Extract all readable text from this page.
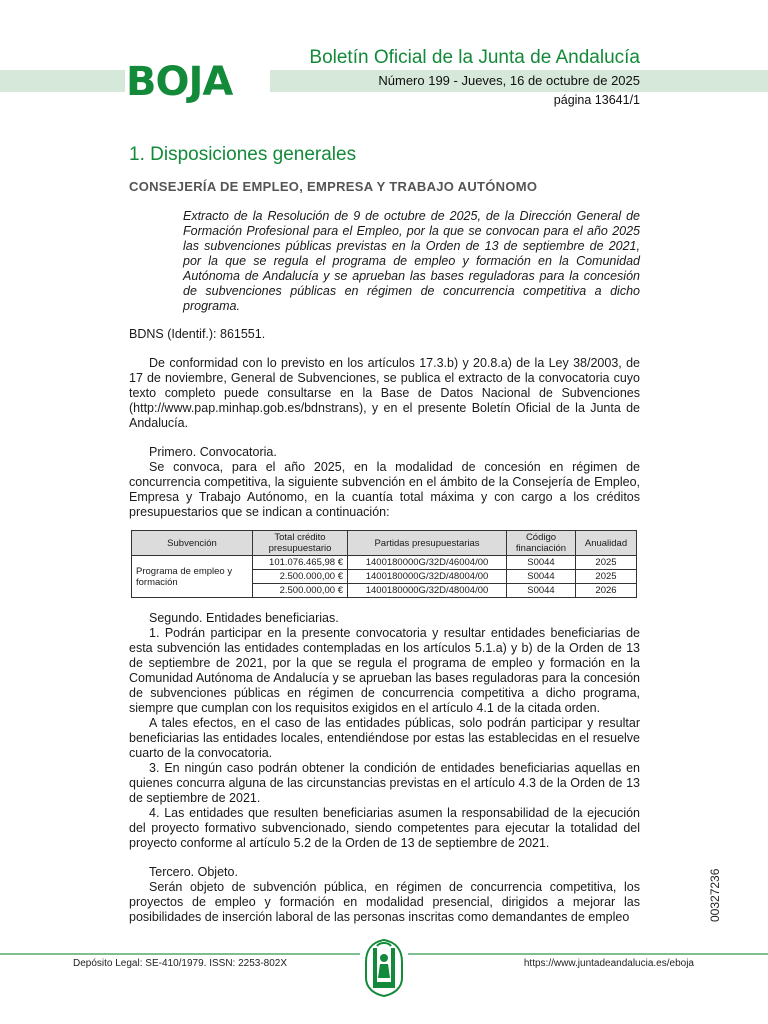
BOJA
Boletín Oficial de la Junta de Andalucía
Número 199 - Jueves, 16 de octubre de 2025
página 13641/1
1. Disposiciones generales
CONSEJERÍA DE EMPLEO, EMPRESA Y TRABAJO AUTÓNOMO
Extracto de la Resolución de 9 de octubre de 2025, de la Dirección General de Formación Profesional para el Empleo, por la que se convocan para el año 2025 las subvenciones públicas previstas en la Orden de 13 de septiembre de 2021, por la que se regula el programa de empleo y formación en la Comunidad Autónoma de Andalucía y se aprueban las bases reguladoras para la concesión de subvenciones públicas en régimen de concurrencia competitiva a dicho programa.

BDNS (Identif.): 861551.

De conformidad con lo previsto en los artículos 17.3.b) y 20.8.a) de la Ley 38/2003, de 17 de noviembre, General de Subvenciones, se publica el extracto de la convocatoria cuyo texto completo puede consultarse en la Base de Datos Nacional de Subvenciones (http://www.pap.minhap.gob.es/bdnstrans), y en el presente Boletín Oficial de la Junta de Andalucía.

Primero. Convocatoria.

Se convoca, para el año 2025, en la modalidad de concesión en régimen de concurrencia competitiva, la siguiente subvención en el ámbito de la Consejería de Empleo, Empresa y Trabajo Autónomo, en la cuantía total máxima y con cargo a los créditos presupuestarios que se indican a continuación:

Subvención	Total crédito presupuestario	Partidas presupuestarias	Código financiación	Anualidad
Programa de empleo y formación	101.076.465,98 €	1400180000G/32D/46004/00	S0044	2025
	2.500.000,00 €	1400180000G/32D/48004/00	S0044	2025
	2.500.000,00 €	1400180000G/32D/48004/00	S0044	2026

Segundo. Entidades beneficiarias.

1. Podrán participar en la presente convocatoria y resultar entidades beneficiarias de esta subvención las entidades contempladas en los artículos 5.1.a) y b) de la Orden de 13 de septiembre de 2021, por la que se regula el programa de empleo y formación en la Comunidad Autónoma de Andalucía y se aprueban las bases reguladoras para la concesión de subvenciones públicas en régimen de concurrencia competitiva a dicho programa, siempre que cumplan con los requisitos exigidos en el artículo 4.1 de la citada orden.

A tales efectos, en el caso de las entidades públicas, solo podrán participar y resultar beneficiarias las entidades locales, entendiéndose por estas las establecidas en el resuelve cuarto de la convocatoria.

3. En ningún caso podrán obtener la condición de entidades beneficiarias aquellas en quienes concurra alguna de las circunstancias previstas en el artículo 4.3 de la Orden de 13 de septiembre de 2021.

4. Las entidades que resulten beneficiarias asumen la responsabilidad de la ejecución del proyecto formativo subvencionado, siendo competentes para ejecutar la totalidad del proyecto conforme al artículo 5.2 de la Orden de 13 de septiembre de 2021.

Tercero. Objeto.

Serán objeto de subvención pública, en régimen de concurrencia competitiva, los proyectos de empleo y formación en modalidad presencial, dirigidos a mejorar las posibilidades de inserción laboral de las personas inscritas como demandantes de empleo	00327236
Depósito Legal: SE-410/1979. ISSN: 2253-802X	https://www.juntadeandalucia.es/eboja
